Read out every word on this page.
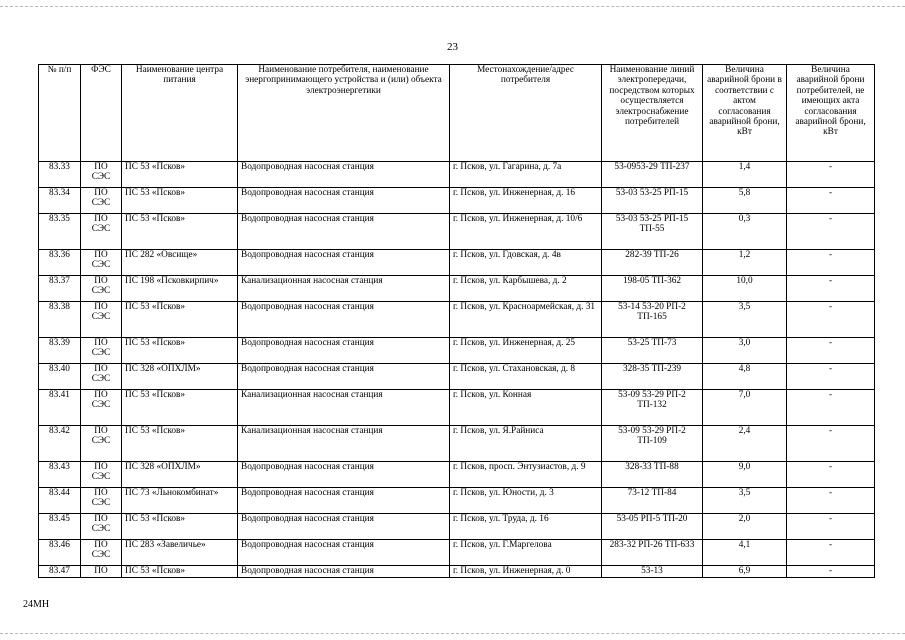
23
№ п/п	ФЭС	Наименование центра питания	Наименование потребителя, наименование энергопринимающего устройства и (или) объекта электроэнергетики	Местонахождение/адрес потребителя	Наименование линий электропередачи, посредством которых осуществляется электроснабжение потребителей	Величина аварийной брони в соответствии с актом согласования аварийной брони, кВт	Величина аварийной брони потребителей, не имеющих акта согласования аварийной брони, кВт
83.33	ПО СЭС	ПС 53 «Псков»	Водопроводная насосная станция	г. Псков, ул. Гагарина, д. 7а	53-0953-29 ТП-237	1,4	-
83.34	ПО СЭС	ПС 53 «Псков»	Водопроводная насосная станция	г. Псков, ул. Инженерная, д. 16	53-03 53-25 РП-15	5,8	-
83.35	ПО СЭС	ПС 53 «Псков»	Водопроводная насосная станция	г. Псков, ул. Инженерная, д. 10/6	53-03 53-25 РП-15 ТП-55	0,3	-
83.36	ПО СЭС	ПС 282 «Овсище»	Водопроводная насосная станция	г. Псков, ул. Гдовская, д. 4в	282-39 ТП-26	1,2	-
83.37	ПО СЭС	ПС 198 «Псковкирпич»	Канализационная насосная станция	г. Псков, ул. Карбышева, д. 2	198-05 ТП-362	10,0	-
83.38	ПО СЭС	ПС 53 «Псков»	Водопроводная насосная станция	г. Псков, ул. Красноармейская, д. 31	53-14 53-20 РП-2 ТП-165	3,5	-
83.39	ПО СЭС	ПС 53 «Псков»	Водопроводная насосная станция	г. Псков, ул. Инженерная, д. 25	53-25 ТП-73	3,0	-
83.40	ПО СЭС	ПС 328 «ОПХЛМ»	Водопроводная насосная станция	г. Псков, ул. Стахановская, д. 8	328-35 ТП-239	4,8	-
83.41	ПО СЭС	ПС 53 «Псков»	Канализационная насосная станция	г. Псков, ул. Конная	53-09 53-29 РП-2 ТП-132	7,0	-
83.42	ПО СЭС	ПС 53 «Псков»	Канализационная насосная станция	г. Псков, ул. Я.Райниса	53-09 53-29 РП-2 ТП-109	2,4	-
83.43	ПО СЭС	ПС 328 «ОПХЛМ»	Водопроводная насосная станция	г. Псков, просп. Энтузиастов, д. 9	328-33 ТП-88	9,0	-
83.44	ПО СЭС	ПС 73 «Льнокомбинат»	Водопроводная насосная станция	г. Псков, ул. Юности, д. 3	73-12 ТП-84	3,5	-
83.45	ПО СЭС	ПС 53 «Псков»	Водопроводная насосная станция	г. Псков, ул. Труда, д. 16	53-05 РП-5 ТП-20	2,0	-
83.46	ПО СЭС	ПС 283 «Завеличье»	Водопроводная насосная станция	г. Псков, ул. Г.Маргелова	283-32 РП-26 ТП-633	4,1	-
83.47	ПО	ПС 53 «Псков»	Водопроводная насосная станция	г. Псков, ул. Инженерная, д. 0	53-13	6,9	-
24МН
